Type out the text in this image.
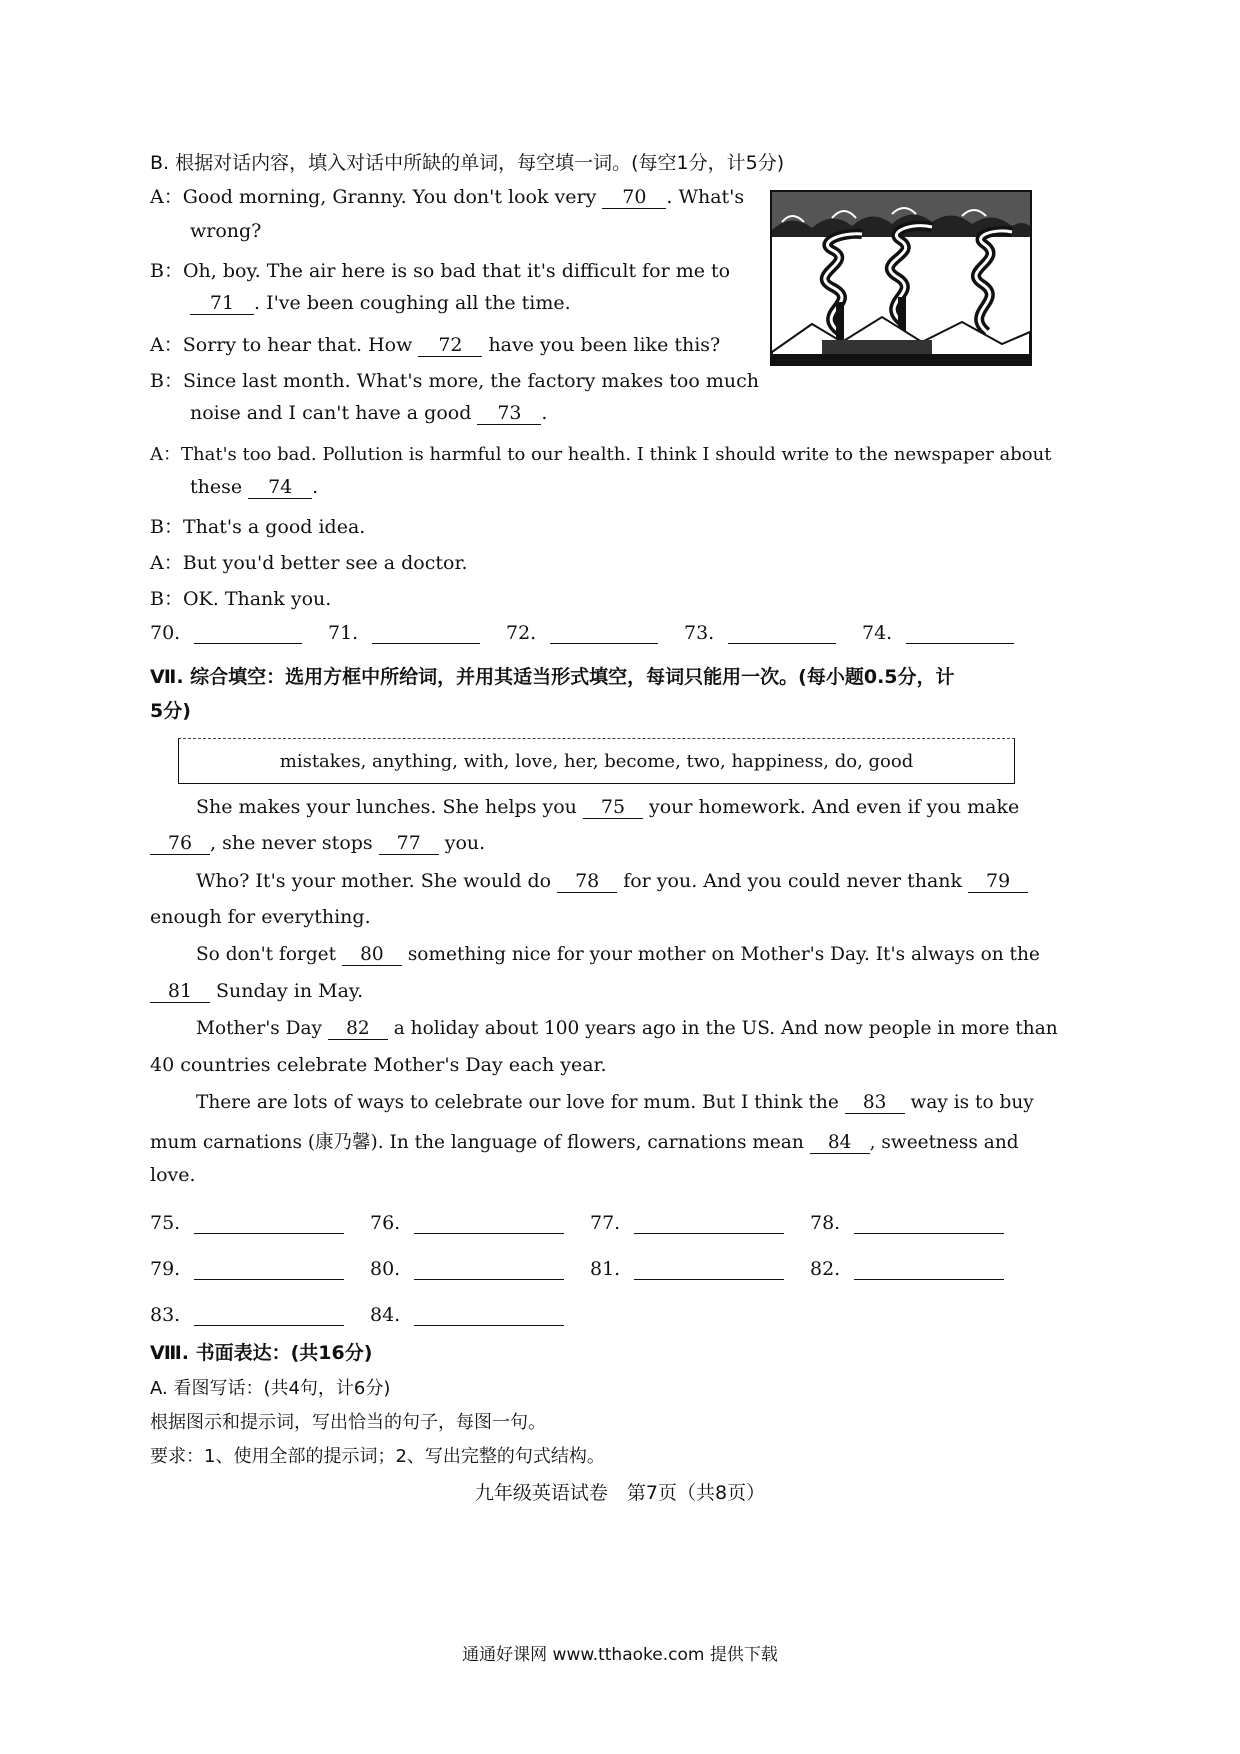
B. 根据对话内容，填入对话中所缺的单词，每空填一词。(每空1分，计5分)
A：Good morning, Granny. You don't look very 70 . What's
wrong?
B：Oh, boy. The air here is so bad that it's difficult for me to
71 . I've been coughing all the time.
A：Sorry to hear that. How 72 have you been like this?
B：Since last month. What's more, the factory makes too much
noise and I can't have a good 73 .
A：That's too bad. Pollution is harmful to our health. I think I should write to the newspaper about
these 74 .
B：That's a good idea.
A：But you'd better see a doctor.
B：OK. Thank you.
70.	71.	72.	73.	74.
Ⅶ. 综合填空：选用方框中所给词，并用其适当形式填空，每词只能用一次。(每小题0.5分，计
5分)
mistakes, anything, with, love, her, become, two, happiness, do, good
She makes your lunches. She helps you 75 your homework. And even if you make
76 , she never stops 77 you.
Who? It's your mother. She would do 78 for you. And you could never thank 79
enough for everything.
So don't forget 80 something nice for your mother on Mother's Day. It's always on the
81 Sunday in May.
Mother's Day 82 a holiday about 100 years ago in the US. And now people in more than
40 countries celebrate Mother's Day each year.
There are lots of ways to celebrate our love for mum. But I think the 83 way is to buy
mum carnations (康乃馨). In the language of flowers, carnations mean 84 , sweetness and
love.
75.	76.	77.	78.
79.	80.	81.	82.
83.	84.
Ⅷ. 书面表达：(共16分)
A. 看图写话：(共4句，计6分)
根据图示和提示词，写出恰当的句子，每图一句。
要求：1、使用全部的提示词；2、写出完整的句式结构。
九年级英语试卷　第7页（共8页）
通通好课网 www.tthaoke.com 提供下载
